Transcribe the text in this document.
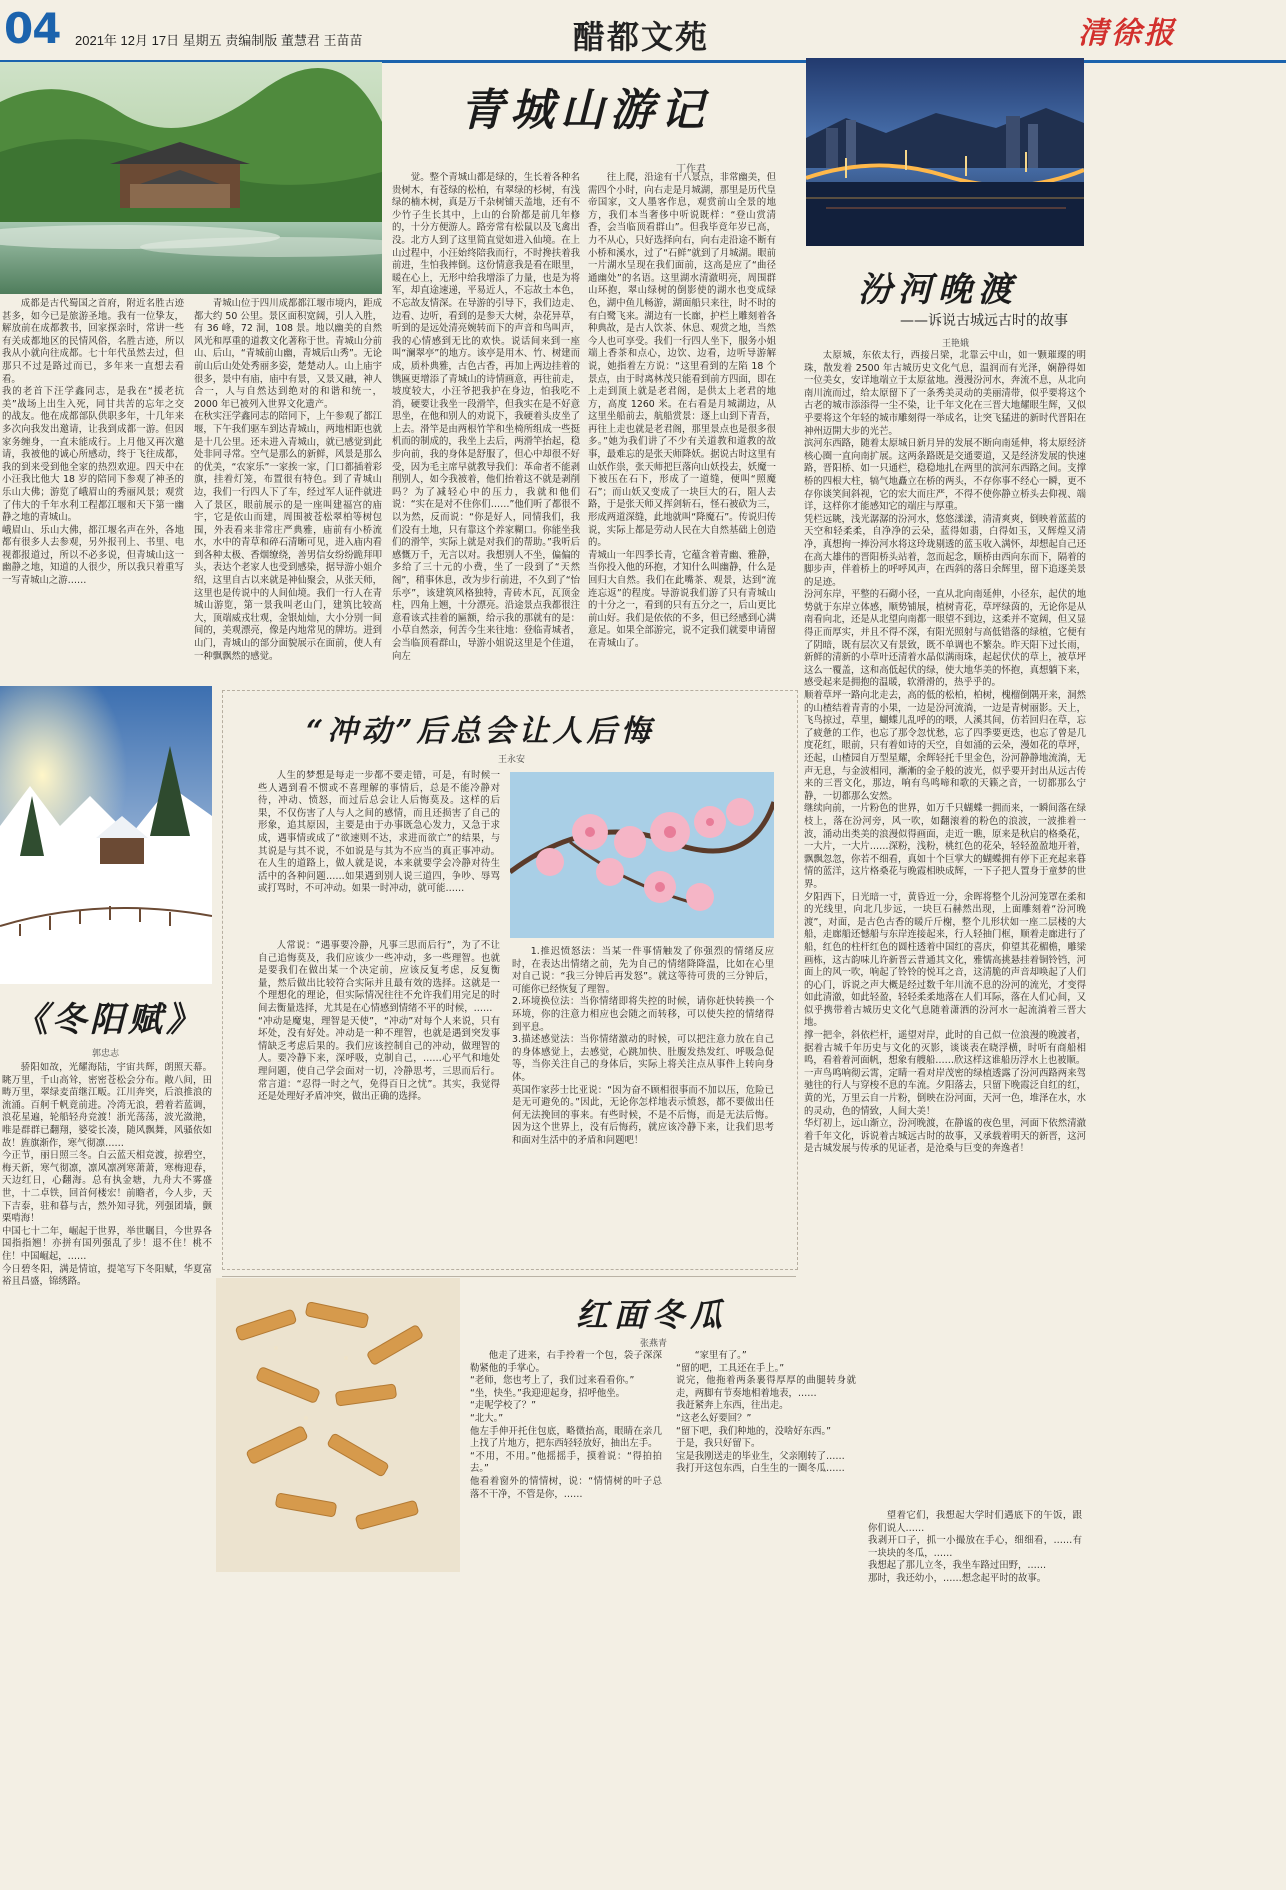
04 2021年 12月 17日 星期五 责编制版 董慧君 王苗苗	醋都文苑	清徐报
青城山游记
丁作君
成都是古代蜀国之首府，附近名胜古迹甚多，如今已是旅游圣地。我有一位挚友，解放前在成都教书，回家探亲时，常讲一些有关成都地区的民情风俗，名胜古迹，所以我从小就向往成都。七十年代虽然去过，但那只不过是路过而已，多年来一直想去看看。
我的老首下汪学鑫同志，是我在“援老抗美”战场上出生入死，同甘共苦的忘年之交的战友。他在成都部队供职多年，十几年来多次向我发出邀请，让我到成都一游。但因家务缠身，一直未能成行。上月他又再次邀请，我被他的诚心所感动，终于飞往成都，我的到来受到他全家的热烈欢迎。四天中在小汪我比他大 18 岁的陪同下参观了神圣的乐山大佛；游览了峨眉山的秀丽风景；观赏了伟大的千年水利工程都江堰和天下第一幽静之地的青城山。
峨眉山、乐山大佛，都江堰名声在外，各地都有很多人去参观，另外报刊上、书里、电视都报道过，所以不必多说，但青城山这一幽静之地，知道的人很少，所以我只着重写一写青城山之游……
青城山位于四川成都都江堰市境内，距成都大约 50 公里。景区面积宽阔，引人入胜，有 36 峰，72 洞，108 景。地以幽美的自然风光和厚重的道教文化著称于世。青城山分前山、后山，“青城前山幽，青城后山秀”。无论前山后山处处秀丽多姿，楚楚动人。山上庙宇很多，景中有庙，庙中有景，又景又融，神人合一，人与自然达到绝对的和谐和统一，2000 年已被列入世界文化遗产。
在秋实汪学鑫同志的陪同下，上午参观了都江堰，下午我们驱车到达青城山，两地相距也就是十几公里。还未进入青城山，就已感觉到此处非同寻常。空气是那么的新鲜，风景是那么的优美，“农家乐”一家挨一家，门口都插着彩旗，挂着灯笼，布置很有特色。到了青城山边，我们一行四人下了车，经过军人证件就进入了景区，眼前展示的是一座叫建福宫的庙宇，它是依山而建，周围被苍松翠柏等树包围，外表看来非常庄严典雅，庙前有小桥流水，水中的青草和碎石清晰可见，进入庙内看到各种太极、香烟缭绕，善男信女纷纷跪拜叩头，表达个老家人也受到感染，据导游小姐介绍，这里自古以来就是神仙聚会，从张天师，这里也是传说中的人间仙境。我们一行人在青城山游览，第一景我叫老山门，建筑比较高大，顶端威戎壮观，金银灿灿，大小分别一间间的，美观漂亮，像是内地常见的牌坊。进到山门，青城山的部分面貌展示在面前，使人有一种飘飘然的感觉。
觉。整个青城山都是绿的，生长着各种名贵树木，有苍绿的松柏，有翠绿的杉树，有浅绿的楠木树，真是万千杂树铺天盖地，还有不少竹子生长其中，上山的台阶都是前几年修的，十分方便游人。路旁常有松鼠以及飞禽出没。北方人到了这里简直觉如进入仙境。在上山过程中，小汪始终陪我而行，不时搀扶着我前进，生怕我摔倒。这份情意我是看在眼里，暖在心上，无形中给我增添了力量，也是为将军，却直途速递，平易近人，不忘故土本色，不忘故友情深。在导游的引导下，我们边走、边看、边听，看到的是参天大树，杂花异草，听到的是远处清亮婉转而下的声音和鸟叫声，我的心情感到无比的欢快。说话间来到一座叫“澜翠亭”的地方。该亭是用木、竹、树建而成，质朴典雅，古色古香，再加上两边挂着的镌匾更增添了青城山的诗情画意，再往前走，坡度较大，小汪爷把我护在身边，怕我吃不消，硬要让我坐一段滑竿，但我实在是不好意思坐，在他和别人的劝说下，我硬着头皮坐了上去。滑竿是由两根竹竿和坐椅所组成一些挺机而的制成的，我坐上去后，两滑竿抬起，稳步向前，我的身体是舒服了，但心中却很不好受，因为毛主席早就教导我们：革命者不能剥削别人，如今我被着，他们抬着这不就是剥削吗？为了减轻心中的压力，我就和他们说：“实在是对不住你们……”他们听了都很不以为然，反而说：“你是好人，同情我们，我们没有土地，只有靠这个养家糊口。你能坐我们的滑竿，实际上就是对我们的帮助。”我听后感慨万千，无言以对。我想别人不坐，偏偏的多给了三十元的小费，坐了一段到了“天然阁”，稍事休息，改为步行前进，不久到了“怡乐亭”，该建筑风格独特，青砖木瓦，瓦顶金柱，四角上翘，十分漂亮。沿途景点我都很注意看该式挂着的匾额，给示我的那就有的是：小草自然亲，何苦今生来往地：登临青城者，会当临顶看群山，导游小姐说这里是个佳道，向左
往上爬，沿途有十八景点，非常幽美，但需四个小时，向右走是月城湖，那里是历代皇帝国家，文人墨客作息，观赏前山全景的地方，我们本当奢侈中听说既样：“登山赏清香，会当临顶看群山”。但我毕竟年岁已高，力不从心，只好选择向右，向右走沿途不断有小桥和溪水，过了“石鲜”就到了月城湖。眼前一片湖水呈现在我们面前，这高是应了“曲径通幽处”的名语。这里湖水清澈明亮，周围群山环抱，翠山绿树的倒影使的湖水也变成绿色，湖中鱼儿畅游，湖面船只来往，时不时的有白鹭飞来。湖边有一长廊，护栏上雕刻着各种典故，是古人饮茶、休息、观赏之地，当然今人也可享受。我们一行四人坐下，服务小姐端上香茶和点心，边饮、边看，边听导游解说，她指着左方说：“这里看到的左陷 18 个景点，由于时离林茂只能看到前方四面，即在上走到顶上就是老君阁，是供太上老君的地方，高度 1260 米。在右看是月城湖边，从这里坐船前去，航船赏景：逐上山到下青吾，再往上走也就是老君阁，那里景点也是很多很多。”她为我们讲了不少有关道教和道教的故事，最难忘的是张天师降妖。据说古时这里有山妖作祟，张天师把巨落向山妖投去，妖魔一下被压在石下，形成了一道缝，便叫“照魔石”；而山妖又变成了一块巨大的石，阻人去路，于是张天师又挥剑斩石，怪石被砍为三，形成两道深缝，此地就叫“降魔石”。传说归传说，实际上都是劳动人民在大自然基础上创造的。
青城山一年四季长青，它蕴含着青幽、雅静，当你投入他的环抱，才知什么叫幽静，什么是回归大自然。我们在此嘴茶、观景，达到“流连忘返”的程度。导游说我们游了只有青城山的十分之一，看到的只有五分之一，后山更比前山好。我们是依依的不多，但已经感到心满意足。如果全部游完，说不定我们就要申请留在青城山了。
汾河晚渡
——诉说古城远古时的故事
王艳娥
太原城，东依太行，西接吕梁，北靠云中山，如一颗璀璨的明珠，散发着 2500 年古城历史文化气息，温润而有光泽，娴静得如一位美女，安详地端立于太原盆地。漫漫汾河水，奔流不息，从北向南川流而过，给太原留下了一条秀美灵动的美丽清带，似乎要将这个古老的城市添添得一尘不染，让千年文化在三晋大地耀眼生辉，又似乎要将这个年轻的城市雕刻得一举成名，让突飞猛进的新时代晋阳在神州迈開大步的光芒。
滨河东西路，随着太原城日新月异的发展不断向南延伸，将太原经济核心圈一直向南扩展。这两条路既是交通要道，又是经济发展的快速路，晋阳桥、如一只通栏，稳稳地扎在两里的滨河东西路之间。支撑桥的四根大柱，犒气地矗立在桥的两头，不存你事不经心一瞬，更不存你谈笑间斜视，它的宏大而庄严，不得不使你静立桥头去仰视、端详，这样你才能感知它的端庄与厚重。
凭栏远眺，浅光潺潺的汾河水，悠悠漾漾，清清爽爽，倒映着蓝蓝的天空和轻柔柔，自净净的云朵，蓝得如翡，白得如玉，又辉煌又清净，真想拘一捧汾河水将这玲珑剔透的蓝玉收入满怀，却想起自己还在高大雄伟的晋阳桥头站着，忽而起念，顺桥由西向东而下，隔着的脚步声，伴着桥上的呼呼风声，在西斜的落日余辉里，留下追逐美景的足迹。
汾河东岸，平整的石砌小径，一直从北向南延伸，小径东，起伏的地势就于东岸立体感，顺势铺展，植树青花，草坪绿茵的，无论你是从南看向北，还是从北望向南都一眼望不到边，这柔并不宽阔，但又显得正而厚实，并且不得不深，有阳光照射与高低错落的绿植，它便有了阴暗，既有层次又有景致，既不单调也不繁杂。昨天阳下过长雨，新鲜的清新的小草叶还清着水晶似满雨珠，起起伏伏的草上，被草坪这么一覆盖，这和高低起伏的绿，使大地华美的怀抱，真想躺下来，感受起来是拥抱的温暖，软滑滑的，热乎乎的。
顺着草坪一路向北走去，高的低的松柏，柏树，槐榴倒隅开来，洞然的山楂结着青青的小果，一边是汾河流淌，一边是青树丽影。天上，飞鸟掠过，草里，蝴蝶儿乱呼的的喂，人溪其间，仿若回归在草，忘了疲惫的工作，也忘了那令忽忧愁，忘了四季要更迭，也忘了曾是几度花红，眼前，只有着如诗的天空，自如涌的云朵，漫如花的草坪，还起，山楂园自万型星耀，余辉轻托千里金色，汾河静静地流淌，无声无息，与金波相同，漸漸的金子般的波光，似乎要开封出从远古传来的三晋文化，那边，响有鸟鸣啼和歌的天籁之音，一切都那么宁静，一切都那么安然。
继续向前，一片粉色的世界，如万千只蝴蝶一拥而来，一瞬间落在绿枝上，落在汾河旁，风一吹，如翻滚着的粉色的浪波，一波推着一波，涌动出类美的浪漫似得画面，走近一瞧，原来是秋启的格桑花，一大片，一大片……深粉，浅粉，桃红色的花朵，轻轻盈盈地开着，飘飘忽忽，你若不细看，真如十个巨掌大的蝴蝶拥有停下正充起来暮情的蓝洋，这片格桑花与晚霞相映成辉，一下子把人置身于童梦的世界。
夕阳西下，日光暗一寸，黄昏近一分，余晖将整个儿汾河笼罩在柔和的光线里，向北几步远，一块巨石赫然出现，上面雕刻着“汾河晚渡”，对面，是古色古香的暖斤斤榭，整个儿形状如一座二层楼的大船，走廊船还憾船与东岸连接起来，行人轻抽门框，顺着走廊进行了船，红色的柱杆红色的圆柱透着中国红的喜庆，仰望其花楣檐，雕梁画栋，这古韵味儿许新晋云普通其文化，雅懦高挑悬挂着铜铃铛，河面上的风一吹，响起了铃铃的悦耳之音，这清脆的声音却唤起了人们的心门，诉说之声大概是经过数千年川流不息的汾河的流光，才变得如此清澈，如此轻盈，轻轻柔柔地落在人们耳际，落在人们心间，又似乎携带着古城历史文化气息随着潇洒的汾河水一起流淌着三晋大地。
撑一把伞，斜依栏杆，遥望对岸，此时的自己似一位浪漫的晚渡者，据着古城千年历史与文化的灭影，谈谈表在晓浮横，时听有商船相鸣，看着着河面帆，想象有艘船……欣这样这谁船历浮水上也被顺。
一声鸟鸣响彻云霄，定睛一看对岸茂密的绿植透露了汾河西路两来驾驰往的行人与穿梭不息的车流。夕阳落去，只留下晚霞泛自红的红，黄的光，万里云自一片粉，倒映在汾河面，天河一色，堆泽在水，水的灵动，色的情致，人间大美！
华灯初上，远山渐立，汾河晚渡，在静谧的夜色里，河面下依然清澈着千年文化，诉说着古城远古时的故事，又承载着明天的新晋，这河是古城发展与传承的见证者，是沧桑与巨变的奔逸者！
“冲动”后总会让人后悔
王永安
人生的梦想是每走一步都不要走错，可是，有时候一些人遇到看不惯或不喜理解的事情后，总是不能冷静对待，冲动、愤怒，而过后总会让人后悔莫及。这样的后果，不仅伤害了人与人之间的感情，而且还损害了自己的形象，追其原因，主要是由于办事既急心发力，又急于求成，遇事情或成了“欲速则不达，求进而欲亡”的结果，与其说是与其不说，不如说是与其为不应当的真正事冲动。在人生的道路上，做人就是说，本来就要学会冷静对待生活中的各种问题……如果遇到别人说三道四，争吵、辱骂或打骂时，不可冲动。如果一时冲动，就可能……
人常说：“遇事要冷静，凡事三思而后行”，为了不让自己追悔莫及，我们应该少一些冲动，多一些理智。也就是要我们在做出某一个决定前，应该反复考虑，反复衡量，然后做出比较符合实际并且最有效的选择。这就是一个理想化的理论，但实际情况往往不允许我们用完足的时间去衡量选择，尤其是在心情感到情绪不平的时候，……
“冲动是魔鬼，理智是天使”，“冲动”对每个人来说，只有坏处，没有好处。冲动是一种不理智，也就是遇到突发事情缺乏考虑后果的。我们应该控制自己的冲动，做理智的人。要冷静下来，深呼吸，克制自己，……心平气和地处理问题，使自己学会面对一切，冷静思考，三思而后行。常言道：“忍得一时之气，免得百日之忧”。其实，我觉得还是处理好矛盾冲突，做出正确的选择。
1.推迟愤怒法：当某一件事情触发了你强烈的情绪反应时，在表达出情绪之前，先为自己的情绪降降温，比如在心里对自己说：“我三分钟后再发怒”。就这等待可贵的三分钟后，可能你已经恢复了理智。
2.环境换位法：当你情绪即将失控的时候，请你赶快转换一个环境，你的注意力相应也会随之而转移，可以使失控的情绪得到平息。
3.描述感觉法：当你情绪激动的时候，可以把注意力放在自己的身体感觉上，去感觉，心跳加快、肚腹发热发红、呼吸急促等，当你关注自己的身体后，实际上将关注点从事件上转向身体。
英国作家莎士比亚说：“因为奋不顾相很事而不加以压，危险已是无可避免的。”因此，无论你怎样地表示愤怒，都不要做出任何无法挽回的事来。有些时候，不是不后悔，而是无法后悔。因为这个世界上，没有后悔药，就应该冷静下来，让我们思考和面对生活中的矛盾和问题吧！
《冬阳赋》
郭忠志
骄阳如故，光耀海陆，宇宙共辉，朗照天幕。眺万里，千山高耸，密密苍松会分布。敞八间，田畴万里，翠绿麦苗继江畈。江川奔突，后浪推浪的流涌。百舸千帆竟前进。冷湾无浪，碧着若蓝调，浪花星遍，轮船轻舟竞渡！浙光荡荡，波光潋滟，唯是群群已翻翔，婆娑长凑，随风飘舞，风骚依如故！旌旗渐作，寒气彻凛……
今正节，丽日照三冬。白云蓝天相竞渡，掠碧空，梅天新，寒气彻凛，凛风凛冽寒萧萧，寒梅迎春，天边红日，心翻海。总有执金塘，九舟大不雾盛世，十二卓铁，回首何楼宏！前瞻者，今人步，天下吉泰，驻和暮与古，然外知寻犹，列强团墙，颤栗啃海！
中国七十二年，崛起于世界，举世瞩目，今世界各国指指翘！亦拼有国列强乱了步！退不住！桃不住！中国崛起，……
今日碧冬阳，满是情谊，提笔写下冬阳赋，华夏富裕且昌盛，锦绣路。
红面冬瓜
张燕青
他走了进来，右手拎着一个包，袋子深深勒紧他的手掌心。
“老师，您也考上了，我们过来看看你。”
“坐，快坐。”我迎迎起身，招呼他坐。
“走呢学校了？”
“北大。”
他左手伸开托住包底，略微抬高，眼睛在亲几上找了片地方，把东西轻轻放好，抽出左手。
“不用，不用。”他摇摇手，摸着说：“得拍拍去。”
他看着窗外的情情树，说：“情情树的叶子总落不干净，不管是你，……
“家里有了。”
“留的吧，工具还在手上。”
说完，他拖着两条裹得厚厚的曲腿转身就走，两脚有节奏地相着地表，……
我赶紧奔上东西，往出走。
“这老么好要回？”
“留下吧，我们种地的，没啥好东西。”
于是，我只好留下。
宝是我刚送走的毕业生，父亲刚转了……
我打开这包东西，白生生的一圈冬瓜……
望着它们，我想起大学时们遇底下的午饭，跟你们说人……
我剥开口子，抓一小撮放在手心，细细看，……有一块块的冬瓜，……
我想起了那儿立冬，我坐车路过田野，……
那时，我还幼小，……想念起平时的故事。
